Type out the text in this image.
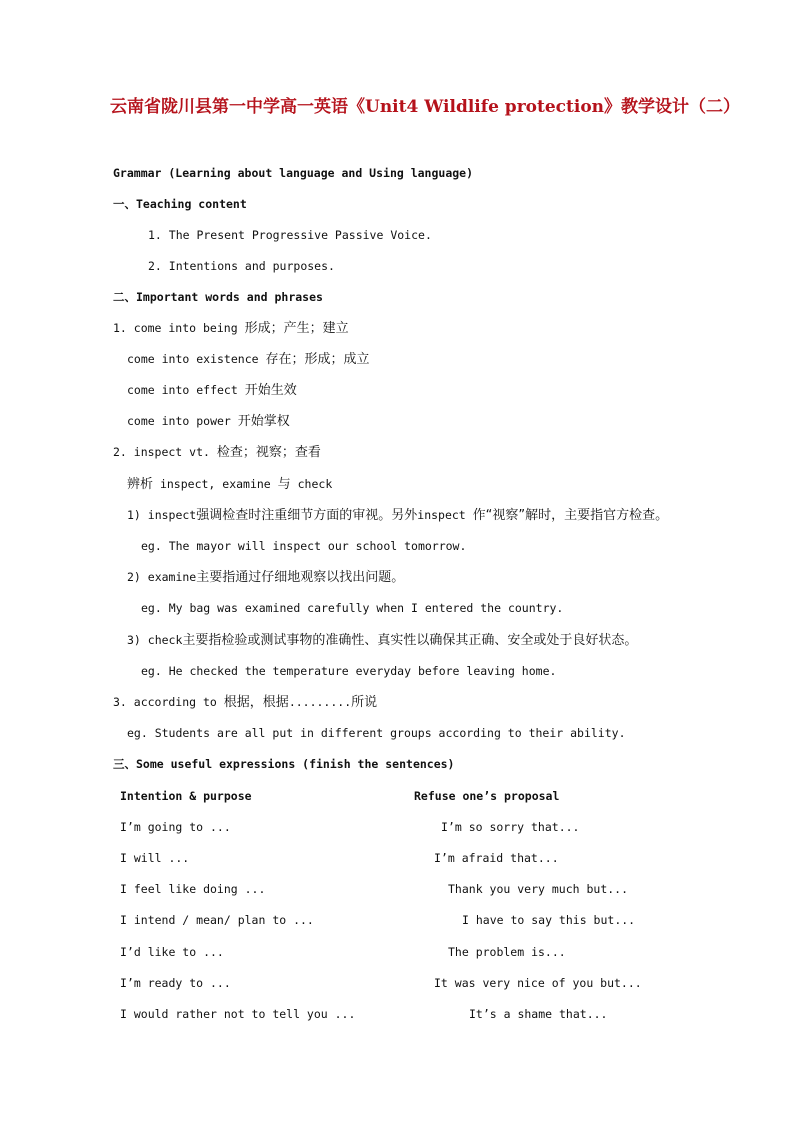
云南省陇川县第一中学高一英语《Unit4 Wildlife protection》教学设计（二）
Grammar (Learning about language and Using language)
一、Teaching content
1. The Present Progressive Passive Voice.
2. Intentions and purposes.
二、Important words and phrases
1. come into being 形成；产生；建立
come into existence 存在；形成；成立
come into effect 开始生效
come into power 开始掌权
2. inspect vt. 检查；视察；查看
辨析 inspect, examine 与 check
1) inspect强调检查时注重细节方面的审视。另外inspect 作“视察”解时，主要指官方检查。
eg. The mayor will inspect our school tomorrow.
2) examine主要指通过仔细地观察以找出问题。
eg. My bag was examined carefully when I entered the country.
3) check主要指检验或测试事物的准确性、真实性以确保其正确、安全或处于良好状态。
eg. He checked the temperature everyday before leaving home.
3. according to 根据，根据.........所说
eg. Students are all put in different groups according to their ability.
三、Some useful expressions (finish the sentences)
Intention & purpose	Refuse one’s proposal
I’m going to ...	I’m so sorry that...
I will ...	I’m afraid that...
I feel like doing ...	Thank you very much but...
I intend / mean/ plan to ...	I have to say this but...
I’d like to ...	The problem is...
I’m ready to ...	It was very nice of you but...
I would rather not to tell you ...	It’s a shame that...
